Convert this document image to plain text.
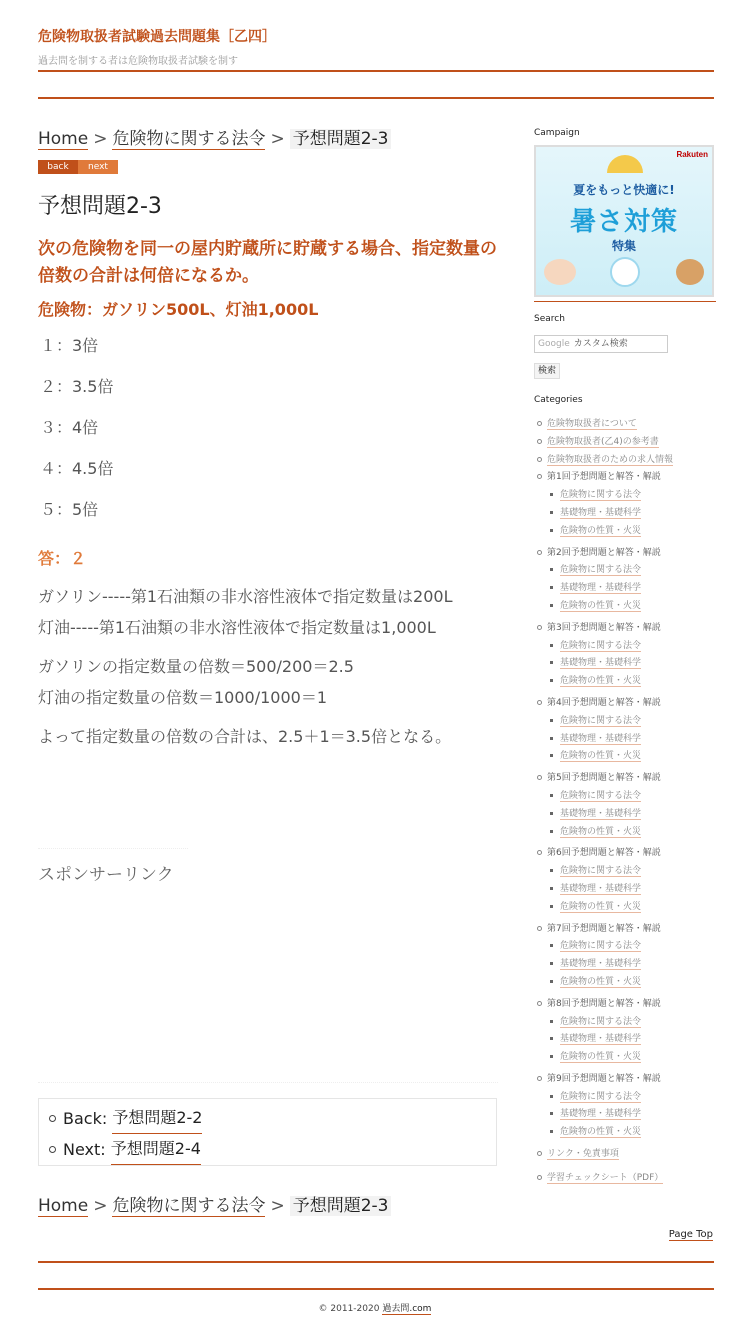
危険物取扱者試験過去問題集［乙四］
過去問を制する者は危険物取扱者試験を制す
Home > 危険物に関する法令 > 予想問題2-3
back	next
予想問題2-3
次の危険物を同一の屋内貯蔵所に貯蔵する場合、指定数量の倍数の合計は何倍になるか。
危険物：ガソリン500L、灯油1,000L
１：3倍
２：3.5倍
３：4倍
４：4.5倍
５：5倍
答：２

ガソリン-----第1石油類の非水溶性液体で指定数量は200L
灯油-----第1石油類の非水溶性液体で指定数量は1,000L

ガソリンの指定数量の倍数＝500/200＝2.5
灯油の指定数量の倍数＝1000/1000＝1

よって指定数量の倍数の合計は、2.5＋1＝3.5倍となる。

スポンサーリンク
Back:
予想問題2-2
Next:
予想問題2-4
Home > 危険物に関する法令 > 予想問題2-3
Campaign
Rakuten
夏をもっと快適に!
暑さ対策
特集
Search
Google カスタム検索
検索
Categories
危険物取扱者について
危険物取扱者(乙4)の参考書
危険物取扱者のための求人情報
第1回予想問題と解答・解説
危険物に関する法令
基礎物理・基礎科学
危険物の性質・火災
第2回予想問題と解答・解説
危険物に関する法令
基礎物理・基礎科学
危険物の性質・火災
第3回予想問題と解答・解説
危険物に関する法令
基礎物理・基礎科学
危険物の性質・火災
第4回予想問題と解答・解説
危険物に関する法令
基礎物理・基礎科学
危険物の性質・火災
第5回予想問題と解答・解説
危険物に関する法令
基礎物理・基礎科学
危険物の性質・火災
第6回予想問題と解答・解説
危険物に関する法令
基礎物理・基礎科学
危険物の性質・火災
第7回予想問題と解答・解説
危険物に関する法令
基礎物理・基礎科学
危険物の性質・火災
第8回予想問題と解答・解説
危険物に関する法令
基礎物理・基礎科学
危険物の性質・火災
第9回予想問題と解答・解説
危険物に関する法令
基礎物理・基礎科学
危険物の性質・火災
リンク・免責事項
学習チェックシート（PDF）
Page Top
© 2011-2020 過去問.com
